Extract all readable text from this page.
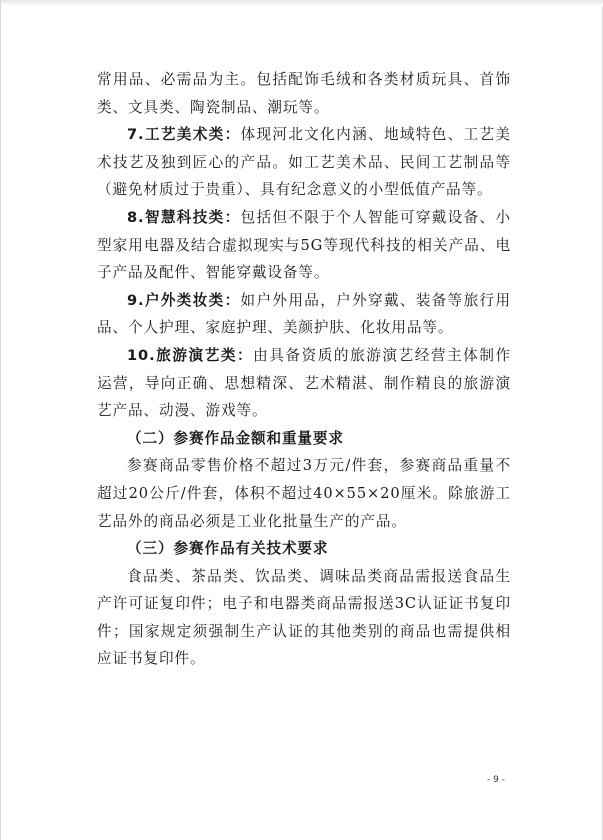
常用品、必需品为主。包括配饰毛绒和各类材质玩具、首饰类、文具类、陶瓷制品、潮玩等。

7.工艺美术类：体现河北文化内涵、地域特色、工艺美术技艺及独到匠心的产品。如工艺美术品、民间工艺制品等（避免材质过于贵重）、具有纪念意义的小型低值产品等。

8.智慧科技类：包括但不限于个人智能可穿戴设备、小型家用电器及结合虚拟现实与5G等现代科技的相关产品、电子产品及配件、智能穿戴设备等。

9.户外类妆类：如户外用品，户外穿戴、装备等旅行用品、个人护理、家庭护理、美颜护肤、化妆用品等。

10.旅游演艺类：由具备资质的旅游演艺经营主体制作运营，导向正确、思想精深、艺术精湛、制作精良的旅游演艺产品、动漫、游戏等。

（二）参赛作品金额和重量要求

参赛商品零售价格不超过3万元/件套，参赛商品重量不超过20公斤/件套，体积不超过40×55×20厘米。除旅游工艺品外的商品必须是工业化批量生产的产品。

（三）参赛作品有关技术要求

食品类、茶品类、饮品类、调味品类商品需报送食品生产许可证复印件；电子和电器类商品需报送3C认证证书复印件；国家规定须强制生产认证的其他类别的商品也需提供相应证书复印件。

- 9 -
